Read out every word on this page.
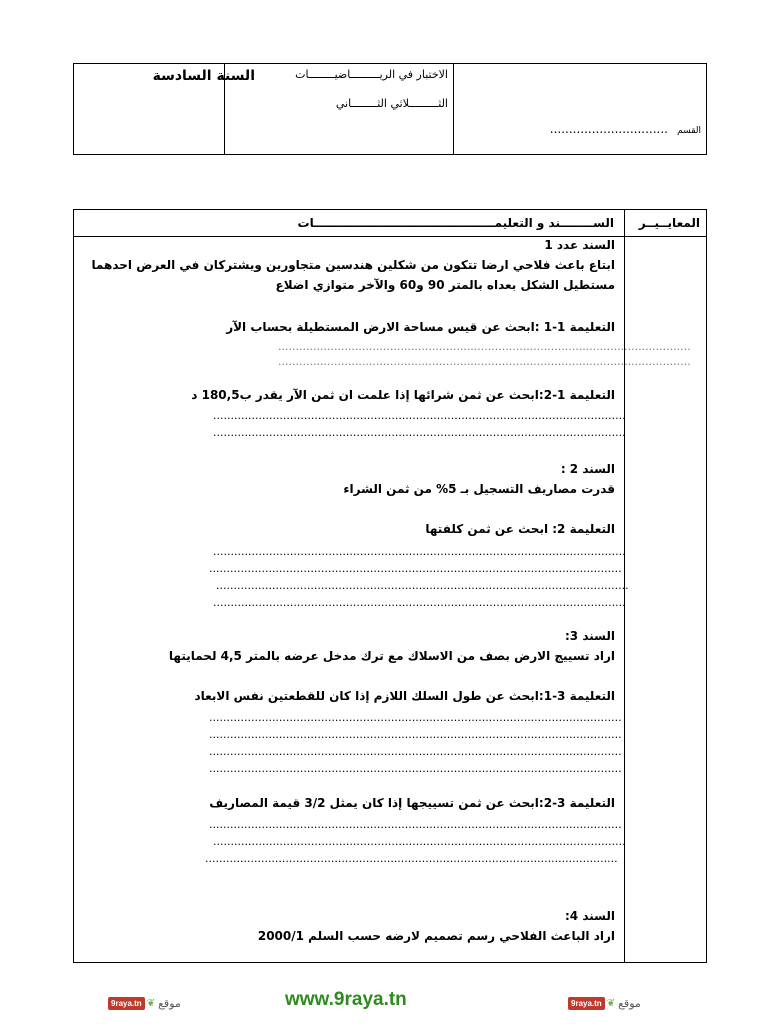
السنة السادسة	الاختبار في الريـــــــــاضيــــــــات
الثـــــــــلاثي الثــــــــاني
القسم
...............................
المعايــيــر
الســــــــند و التعليمــــــــــــــــــــــــــــــــــــــــــــات
السند عدد 1
ابتاع باعث فلاحي ارضا تتكون من شكلين هندسين متجاورين ويشتركان في العرض احدهما
مستطيل الشكل بعداه بالمتر 90 و60 والآخر متوازي اضلاع
التعليمة 1-1 :ابحث عن قيس مساحة الارض المستطيلة بحساب الآر
......................................................................................................................
......................................................................................................................
التعليمة 1-2:ابحث عن ثمن شرائها إذا علمت ان ثمن الآر يقدر ب180,5 د
......................................................................................................................
......................................................................................................................
السند 2 :
قدرت مصاريف التسجيل بـ 5% من ثمن الشراء
التعليمة 2: ابحث عن ثمن كلفتها
......................................................................................................................
......................................................................................................................
......................................................................................................................
......................................................................................................................
السند 3:
اراد تسييج الارض بصف من الاسلاك مع ترك مدخل عرضه بالمتر 4,5 لحمايتها
التعليمة 3-1:ابحث عن طول السلك اللازم إذا كان للقطعتين نفس الابعاد
......................................................................................................................
......................................................................................................................
......................................................................................................................
......................................................................................................................
التعليمة 3-2:ابحث عن ثمن تسييجها إذا كان يمثل 3/2 قيمة المصاريف
......................................................................................................................
......................................................................................................................
......................................................................................................................
السند 4:
اراد الباعث الفلاحي رسم تصميم لارضه حسب السلم 2000/1
9raya.tn ❦ موقع	www.9raya.tn	9raya.tn ❦ موقع
